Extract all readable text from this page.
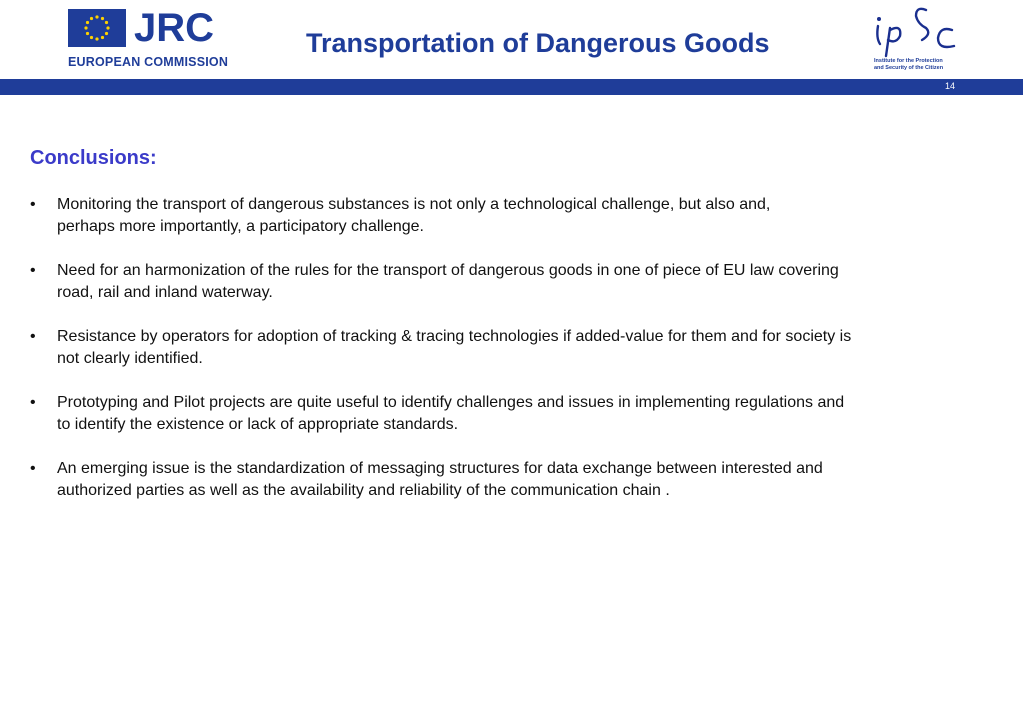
JRC
EUROPEAN COMMISSION
Transportation of Dangerous Goods
Institute for the Protection
and Security of the Citizen
14
Conclusions:
• Monitoring the transport of dangerous substances is not only a technological challenge, but also and,
perhaps more importantly, a participatory challenge.
• Need for an harmonization of the rules for the transport of dangerous goods in one of piece of EU law covering
road, rail and inland waterway.
• Resistance by operators for adoption of tracking & tracing technologies if added-value for them and for society is
not clearly identified.
• Prototyping and Pilot projects are quite useful to identify challenges and issues in implementing regulations and
to identify the existence or lack of appropriate standards.
• An emerging issue is the standardization of messaging structures for data exchange between interested and
authorized parties as well as the availability and reliability of the communication chain .
